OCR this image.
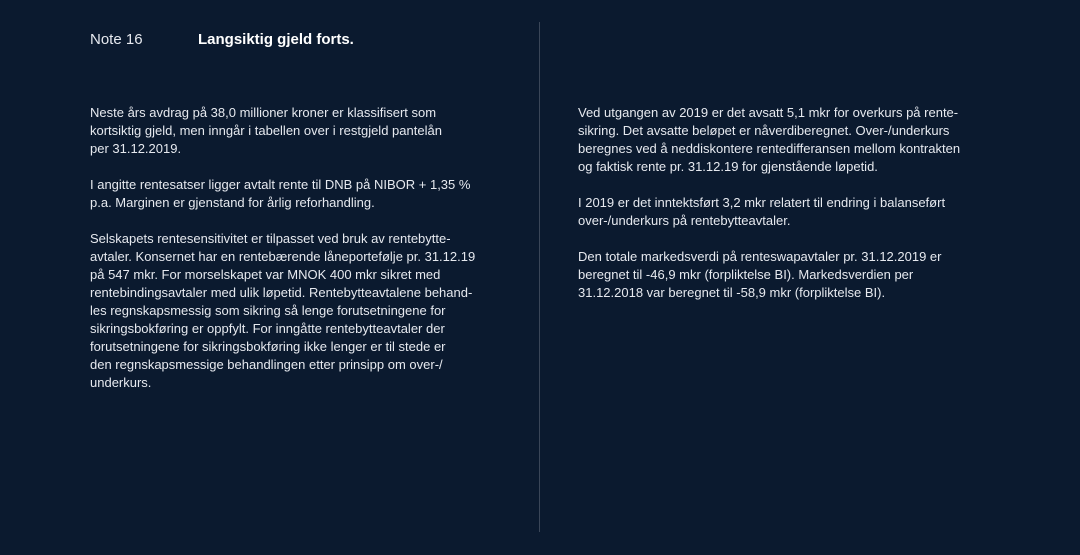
Note 16	Langsiktig gjeld forts.

Neste års avdrag på 38,0 millioner kroner er klassifisert som
kortsiktig gjeld, men inngår i tabellen over i restgjeld pantelån
per 31.12.2019.

I angitte rentesatser ligger avtalt rente til DNB på NIBOR + 1,35 %
p.a. Marginen er gjenstand for årlig reforhandling.

Selskapets rentesensitivitet er tilpasset ved bruk av rentebytte-
avtaler. Konsernet har en rentebærende låneportefølje pr. 31.12.19
på 547 mkr. For morselskapet var MNOK 400 mkr sikret med
rentebindingsavtaler med ulik løpetid. Rentebytteavtalene behand-
les regnskapsmessig som sikring så lenge forutsetningene for
sikringsbokføring er oppfylt. For inngåtte rentebytteavtaler der
forutsetningene for sikringsbokføring ikke lenger er til stede er
den regnskapsmessige behandlingen etter prinsipp om over-/
underkurs.

Ved utgangen av 2019 er det avsatt 5,1 mkr for overkurs på rente-
sikring. Det avsatte beløpet er nåverdiberegnet. Over-/underkurs
beregnes ved å neddiskontere rentedifferansen mellom kontrakten
og faktisk rente pr. 31.12.19 for gjenstående løpetid.

I 2019 er det inntektsført 3,2 mkr relatert til endring i balanseført
over-/underkurs på rentebytteavtaler.

Den totale markedsverdi på renteswapavtaler pr. 31.12.2019 er
beregnet til -46,9 mkr (forpliktelse BI). Markedsverdien per
31.12.2018 var beregnet til -58,9 mkr (forpliktelse BI).
